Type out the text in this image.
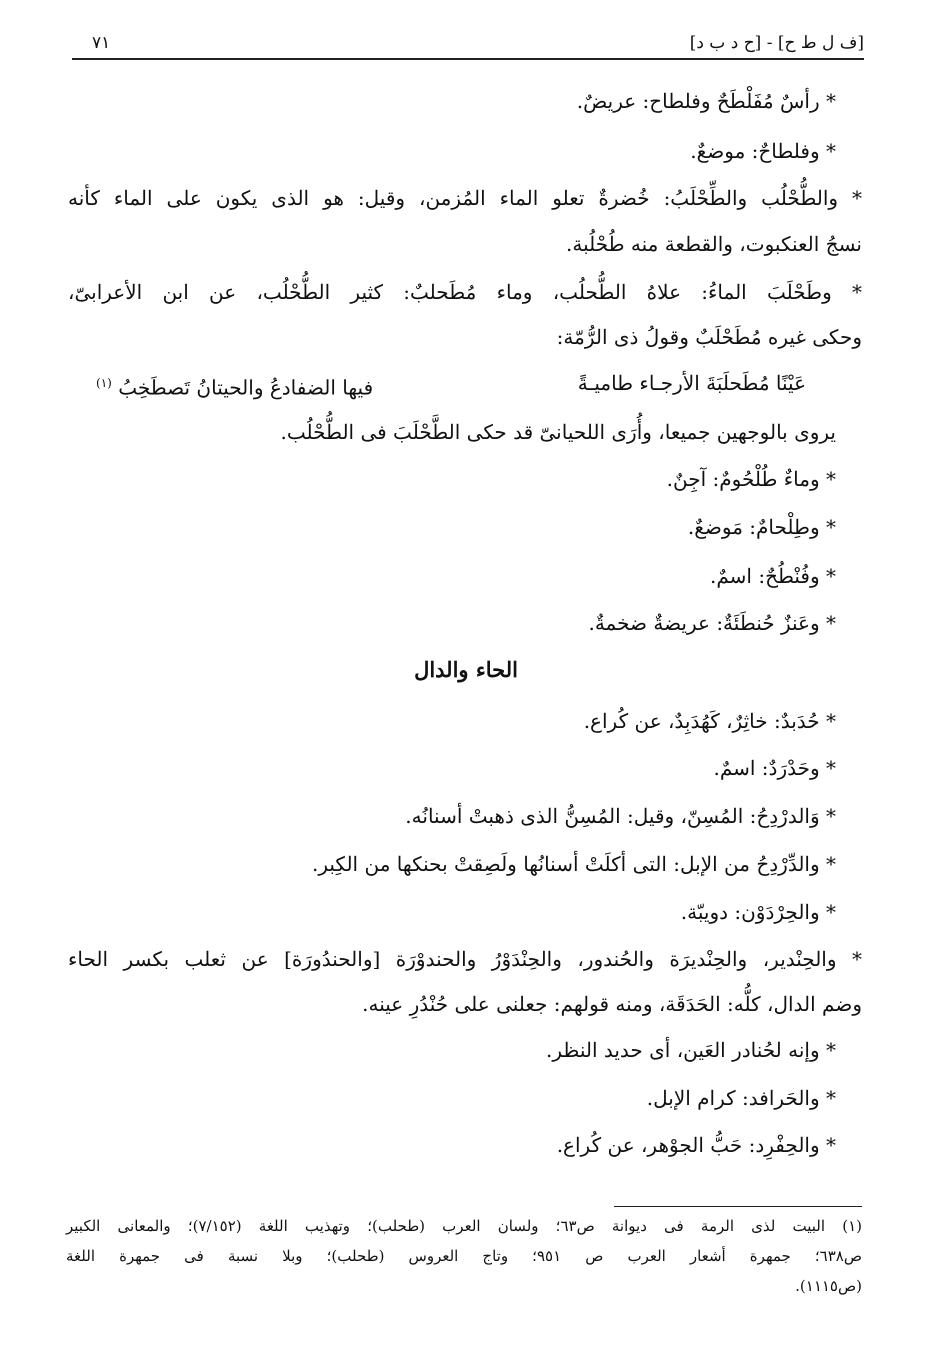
[ف ل ط ح] - [ح د ب د]
٧١
* رأسٌ مُفَلْطَحٌ وفلطاح: عريضٌ.
* وفلطاحٌ: موضعٌ.
* والطُّحْلُب والطِّحْلَبُ: خُضرةٌ تعلو الماء المُزمن، وقيل: هو الذى يكون على الماء كأنه
نسجُ العنكبوت، والقطعة منه طُحْلُبة.
* وطَحْلَبَ الماءُ: علاهُ الطُّحلُب، وماء مُطَحلبٌ: كثير الطُّحْلُب، عن ابن الأعرابىّ،
وحكى غيره مُطَحْلَبٌ وقولُ ذى الرُّمّة:
عَيْنًا مُطَحلَبَةَ الأرجـاء طاميـةً
فيها الضفادعُ والحيتانُ تَصطَخِبُ $^{(١)}$
يروى بالوجهين جميعا، وأُرَى اللحيانىّ قد حكى الطَّحْلَبَ فى الطُّحْلُب.
* وماءٌ طُلْحُومٌ: آجِنٌ.
* وطِلْحامٌ: مَوضعٌ.
* وفُنْطُحٌ: اسمٌ.
* وعَنزٌ حُنطَئَةٌ: عريضةٌ ضخمةٌ.
الحاء والدال
* حُدَبدٌ: خاثِرٌ، كَهُدَبِدٌ، عن كُراع.
* وحَدْرَدٌ: اسمٌ.
* وَالدرْدِحُ: المُسِنّ، وقيل: المُسِنُّ الذى ذهبتْ أسنانُه.
* والدِّرْدِحُ من الإبل: التى أكلَتْ أسنانُها ولَصِقتْ بحنكها من الكِبر.
* والحِرْدَوْن: دويبّة.
* والحِنْدير، والحِنْديرَة والحُندور، والحِنْدَوْرُ والحندوْرَة [والحندُورَة] عن ثعلب بكسر الحاء
وضم الدال، كلُّه: الحَدَقَة، ومنه قولهم: جعلنى على حُنْدُرِ عينه.
* وإنه لحُنادر العَين، أى حديد النظر.
* والحَرافد: كرام الإبل.
* والحِفْرِد: حَبُّ الجوْهر، عن كُراع.
(١) البيت لذى الرمة فى ديوانة ص٦٣؛ ولسان العرب (طحلب)؛ وتهذيب اللغة (٧/١٥٢)؛ والمعانى الكبير
ص٦٣٨؛ جمهرة أشعار العرب ص ٩٥١؛ وتاج العروس (طحلب)؛ وبلا نسبة فى جمهرة اللغة
(ص١١١٥).
